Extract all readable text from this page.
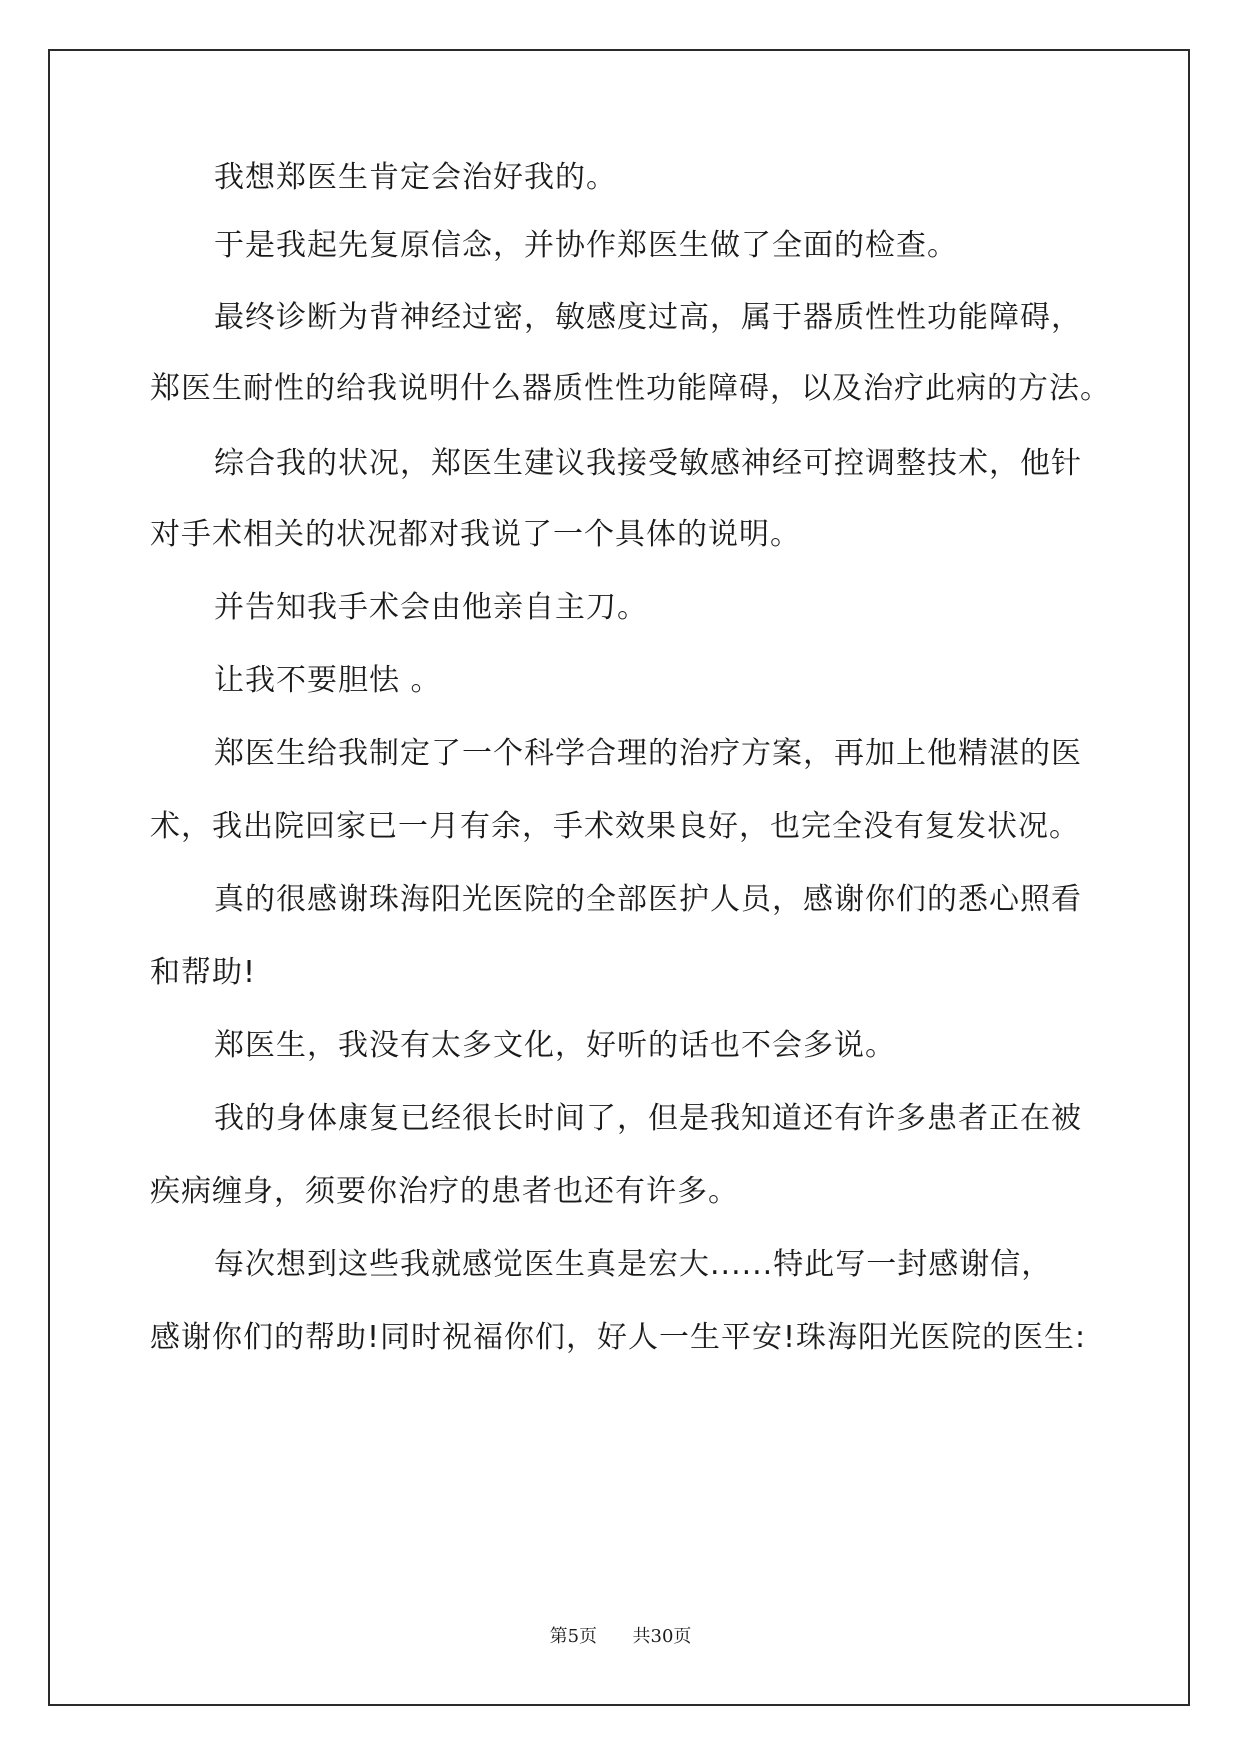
我想郑医生肯定会治好我的。
于是我起先复原信念，并协作郑医生做了全面的检查。
最终诊断为背神经过密，敏感度过高，属于器质性性功能障碍，
郑医生耐性的给我说明什么器质性性功能障碍，以及治疗此病的方法。
综合我的状况，郑医生建议我接受敏感神经可控调整技术，他针
对手术相关的状况都对我说了一个具体的说明。
并告知我手术会由他亲自主刀。
让我不要胆怯 。
郑医生给我制定了一个科学合理的治疗方案，再加上他精湛的医
术，我出院回家已一月有余，手术效果良好，也完全没有复发状况。
真的很感谢珠海阳光医院的全部医护人员，感谢你们的悉心照看
和帮助!
郑医生，我没有太多文化，好听的话也不会多说。
我的身体康复已经很长时间了，但是我知道还有许多患者正在被
疾病缠身，须要你治疗的患者也还有许多。
每次想到这些我就感觉医生真是宏大......特此写一封感谢信，
感谢你们的帮助!同时祝福你们，好人一生平安!珠海阳光医院的医生:
第5页 共30页
